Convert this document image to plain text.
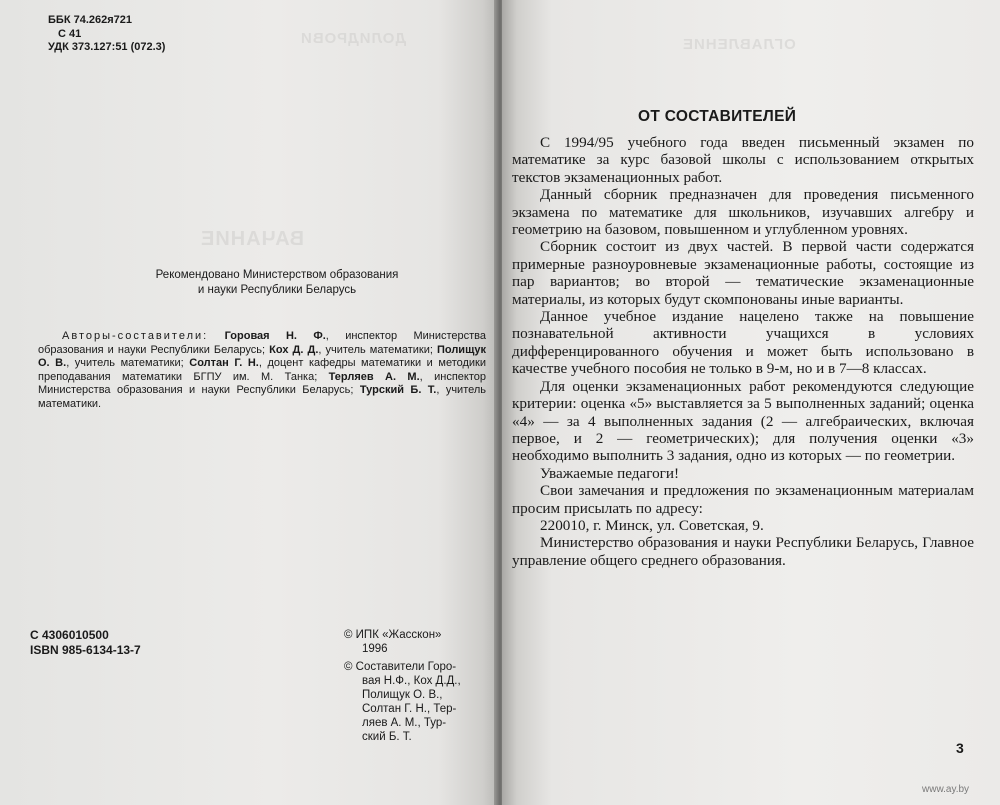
ДОЛИДРОВИ
ВАЧАНИЕ
ББК 74.262я721
С 41
УДК 373.127:51 (072.3)
Рекомендовано Министерством образования
и науки Республики Беларусь
Авторы-составители: Горовая Н. Ф., инспектор Министерства образования и науки Республики Беларусь; Кох Д. Д., учитель математики; Полищук О. В., учитель математики; Солтан Г. Н., доцент кафедры математики и методики преподавания математики БГПУ им. М. Танка; Терляев А. М., инспектор Министерства образования и науки Республики Беларусь; Турский Б. Т., учитель математики.
С 4306010500
ISBN 985-6134-13-7
© ИПК «Жасскон»
1996
© Составители Горо-
вая Н.Ф., Кох Д.Д.,
Полищук О. В.,
Солтан Г. Н., Тер-
ляев А. М., Тур-
ский Б. Т.
ОГЛАВЛЕНИЕ
ОТ СОСТАВИТЕЛЕЙ

С 1994/95 учебного года введен письменный экзамен по математике за курс базовой школы с использованием открытых текстов экзаменационных работ.

Данный сборник предназначен для проведения письменного экзамена по математике для школьников, изучавших алгебру и геометрию на базовом, повышенном и углубленном уровнях.

Сборник состоит из двух частей. В первой части содержатся примерные разноуровневые экзаменационные работы, состоящие из пар вариантов; во второй — тематические экзаменационные материалы, из которых будут скомпонованы иные варианты.

Данное учебное издание нацелено также на повышение познавательной активности учащихся в условиях дифференцированного обучения и может быть использовано в качестве учебного пособия не только в 9-м, но и в 7—8 классах.

Для оценки экзаменационных работ рекомендуются следующие критерии: оценка «5» выставляется за 5 выполненных заданий; оценка «4» — за 4 выполненных задания (2 — алгебраических, включая первое, и 2 — геометрических); для получения оценки «3» необходимо выполнить 3 задания, одно из которых — по геометрии.

Уважаемые педагоги!

Свои замечания и предложения по экзаменационным материалам просим присылать по адресу:

220010, г. Минск, ул. Советская, 9.

Министерство образования и науки Республики Беларусь, Главное управление общего среднего образования.

3
www.ay.by
